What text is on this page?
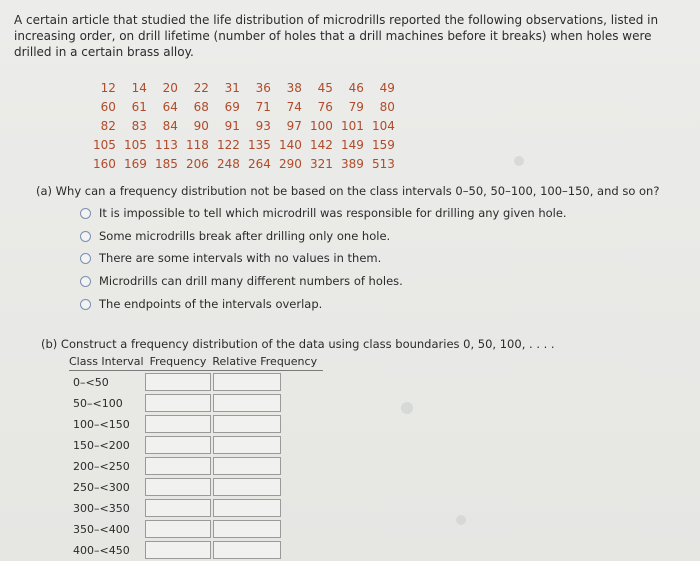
A certain article that studied the life distribution of microdrills reported the following observations, listed in increasing order, on drill lifetime (number of holes that a drill machines before it breaks) when holes were drilled in a certain brass alloy.
12	14	20	22	31	36	38	45	46	49
60	61	64	68	69	71	74	76	79	80
82	83	84	90	91	93	97	100	101	104
105	105	113	118	122	135	140	142	149	159
160	169	185	206	248	264	290	321	389	513
(a) Why can a frequency distribution not be based on the class intervals 0–50, 50–100, 100–150, and so on?
It is impossible to tell which microdrill was responsible for drilling any given hole.
Some microdrills break after drilling only one hole.
There are some intervals with no values in them.
Microdrills can drill many different numbers of holes.
The endpoints of the intervals overlap.
(b) Construct a frequency distribution of the data using class boundaries 0, 50, 100, . . . .
Class Interval Frequency Relative Frequency
0–<50
50–<100
100–<150
150–<200
200–<250
250–<300
300–<350
350–<400
400–<450
